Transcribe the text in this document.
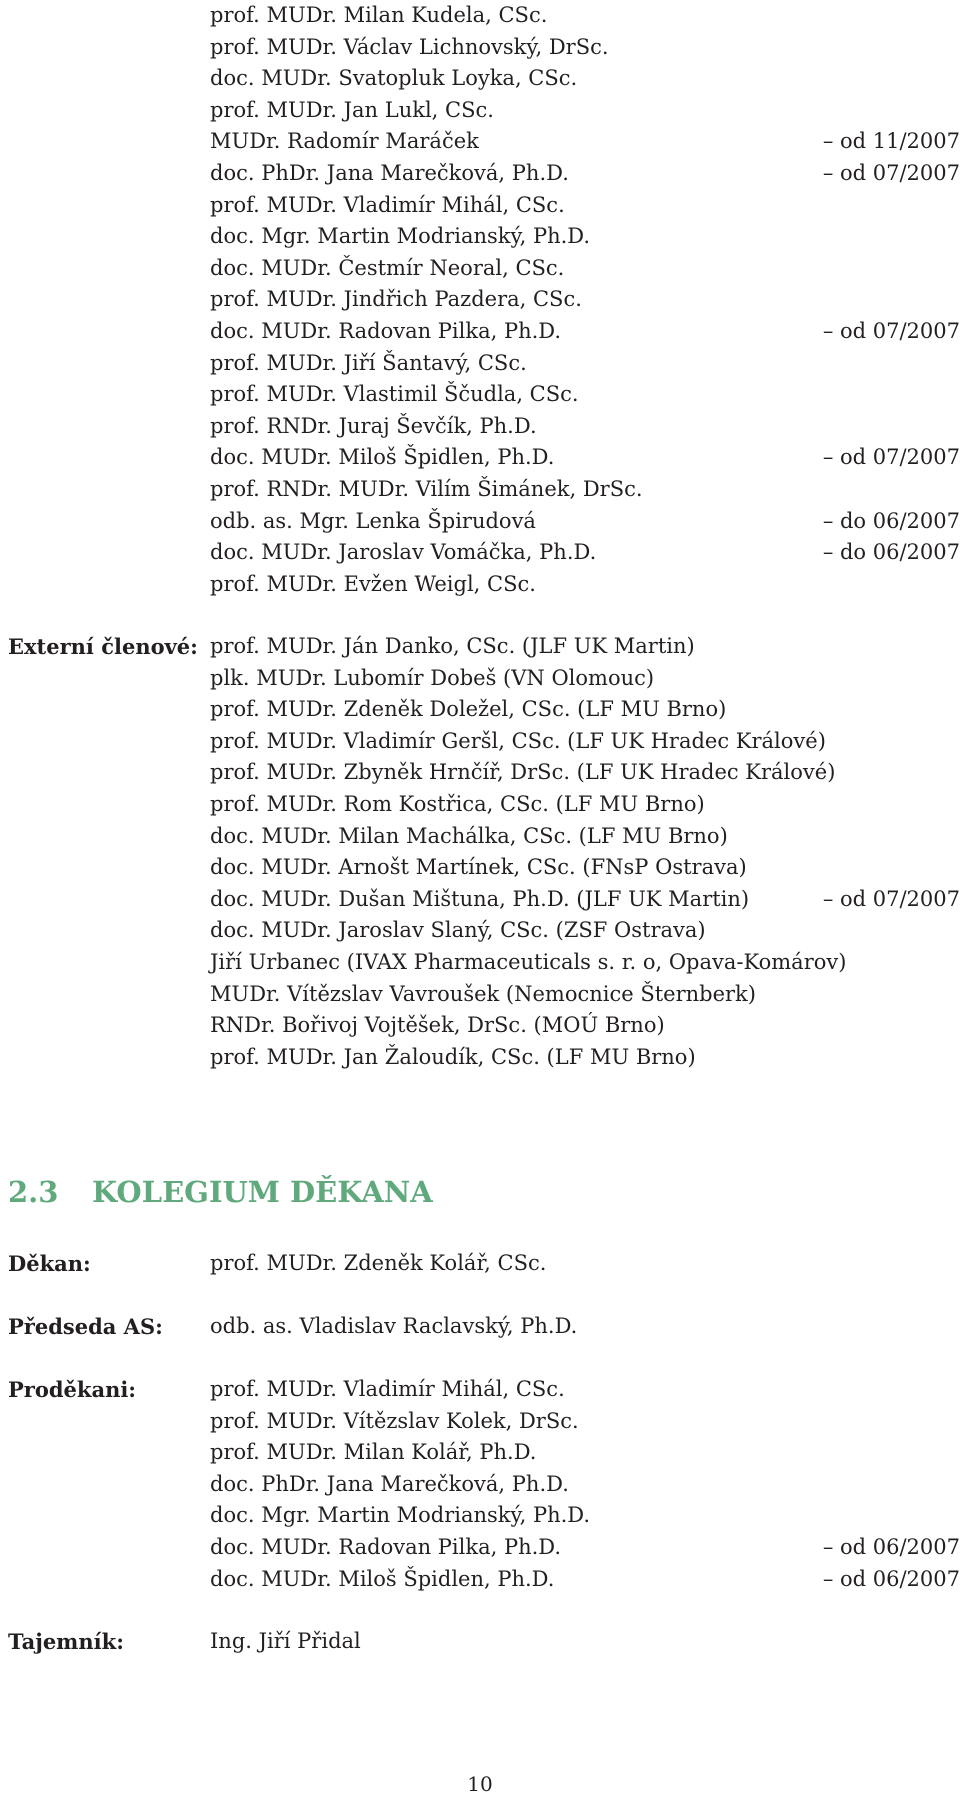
prof. MUDr. Milan Kudela, CSc.
prof. MUDr. Václav Lichnovský, DrSc.
doc. MUDr. Svatopluk Loyka, CSc.
prof. MUDr. Jan Lukl, CSc.
MUDr. Radomír Maráček	– od 11/2007
doc. PhDr. Jana Marečková, Ph.D.	– od 07/2007
prof. MUDr. Vladimír Mihál, CSc.
doc. Mgr. Martin Modrianský, Ph.D.
doc. MUDr. Čestmír Neoral, CSc.
prof. MUDr. Jindřich Pazdera, CSc.
doc. MUDr. Radovan Pilka, Ph.D.	– od 07/2007
prof. MUDr. Jiří Šantavý, CSc.
prof. MUDr. Vlastimil Ščudla, CSc.
prof. RNDr. Juraj Ševčík, Ph.D.
doc. MUDr. Miloš Špidlen, Ph.D.	– od 07/2007
prof. RNDr. MUDr. Vilím Šimánek, DrSc.
odb. as. Mgr. Lenka Špirudová	– do 06/2007
doc. MUDr. Jaroslav Vomáčka, Ph.D.	– do 06/2007
prof. MUDr. Evžen Weigl, CSc.
Externí členové: prof. MUDr. Ján Danko, CSc. (JLF UK Martin)
plk. MUDr. Lubomír Dobeš (VN Olomouc)
prof. MUDr. Zdeněk Doležel, CSc. (LF MU Brno)
prof. MUDr. Vladimír Geršl, CSc. (LF UK Hradec Králové)
prof. MUDr. Zbyněk Hrnčíř, DrSc. (LF UK Hradec Králové)
prof. MUDr. Rom Kostřica, CSc. (LF MU Brno)
doc. MUDr. Milan Machálka, CSc. (LF MU Brno)
doc. MUDr. Arnošt Martínek, CSc. (FNsP Ostrava)
doc. MUDr. Dušan Mištuna, Ph.D. (JLF UK Martin)	– od 07/2007
doc. MUDr. Jaroslav Slaný, CSc. (ZSF Ostrava)
Jiří Urbanec (IVAX Pharmaceuticals s. r. o, Opava-Komárov)
MUDr. Vítězslav Vavroušek (Nemocnice Šternberk)
RNDr. Bořivoj Vojtěšek, DrSc. (MOÚ Brno)
prof. MUDr. Jan Žaloudík, CSc. (LF MU Brno)
2.3 KOLEGIUM DĚKANA
Děkan:	prof. MUDr. Zdeněk Kolář, CSc.
Předseda AS: odb. as. Vladislav Raclavský, Ph.D.
Proděkani:	prof. MUDr. Vladimír Mihál, CSc.
prof. MUDr. Vítězslav Kolek, DrSc.
prof. MUDr. Milan Kolář, Ph.D.
doc. PhDr. Jana Marečková, Ph.D.
doc. Mgr. Martin Modrianský, Ph.D.
doc. MUDr. Radovan Pilka, Ph.D.	– od 06/2007
doc. MUDr. Miloš Špidlen, Ph.D.	– od 06/2007
Tajemník:	Ing. Jiří Přidal
10
